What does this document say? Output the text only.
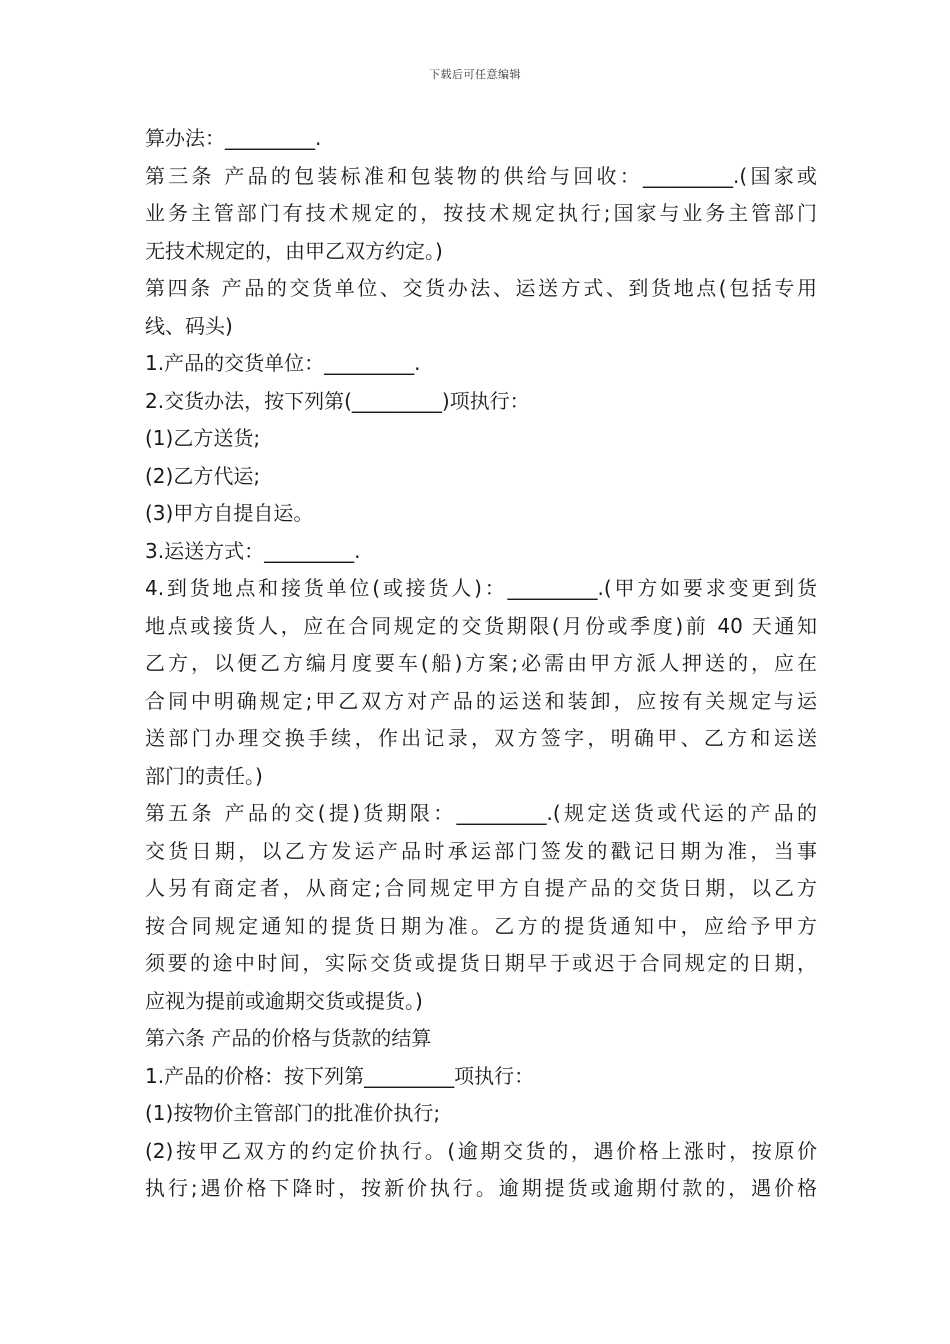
下载后可任意编辑
算办法：_________.
第三条 产品的包装标准和包装物的供给与回收：_________.(国家或
业务主管部门有技术规定的，按技术规定执行;国家与业务主管部门
无技术规定的，由甲乙双方约定。)
第四条 产品的交货单位、交货办法、运送方式、到货地点(包括专用
线、码头)
1.产品的交货单位：_________.
2.交货办法，按下列第(_________)项执行：
(1)乙方送货;
(2)乙方代运;
(3)甲方自提自运。
3.运送方式：_________.
4.到货地点和接货单位(或接货人)：_________.(甲方如要求变更到货
地点或接货人，应在合同规定的交货期限(月份或季度)前 40 天通知
乙方，以便乙方编月度要车(船)方案;必需由甲方派人押送的，应在
合同中明确规定;甲乙双方对产品的运送和装卸，应按有关规定与运
送部门办理交换手续，作出记录，双方签字，明确甲、乙方和运送
部门的责任。)
第五条 产品的交(提)货期限：_________.(规定送货或代运的产品的
交货日期，以乙方发运产品时承运部门签发的戳记日期为准，当事
人另有商定者，从商定;合同规定甲方自提产品的交货日期，以乙方
按合同规定通知的提货日期为准。乙方的提货通知中，应给予甲方
须要的途中时间，实际交货或提货日期早于或迟于合同规定的日期，
应视为提前或逾期交货或提货。)
第六条 产品的价格与货款的结算
1.产品的价格：按下列第_________项执行：
(1)按物价主管部门的批准价执行;
(2)按甲乙双方的约定价执行。(逾期交货的，遇价格上涨时，按原价
执行;遇价格下降时，按新价执行。逾期提货或逾期付款的，遇价格
